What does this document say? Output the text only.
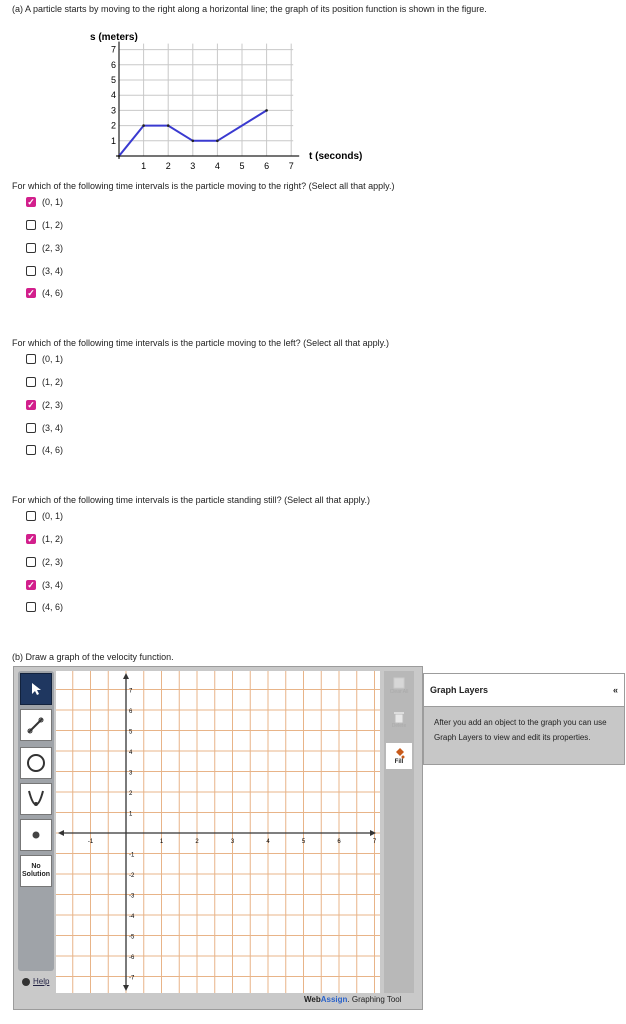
(a) A particle starts by moving to the right along a horizontal line; the graph of its position function is shown in the figure.
1
2
3
4
5
6
7
1 2 3 4 5 6 7
s (meters)
t (seconds)
For which of the following time intervals is the particle moving to the right? (Select all that apply.)
✓
(0, 1)
(1, 2)
(2, 3)
(3, 4)
✓
(4, 6)
For which of the following time intervals is the particle moving to the left? (Select all that apply.)
(0, 1)
(1, 2)
✓
(2, 3)
(3, 4)
(4, 6)
For which of the following time intervals is the particle standing still? (Select all that apply.)
(0, 1)
✓
(1, 2)
(2, 3)
✓
(3, 4)
(4, 6)
(b) Draw a graph of the velocity function.
No
Solution
-1	1	2	3	4	5	6	7
7
6
5
4
3
2
1
-1
-2
-3
-4
-5
-6
-7
Clear All
Delete
Fill
Help
WebAssign. Graphing Tool
Graph Layers	«
After you add an object to the graph you can use Graph Layers to view and edit its properties.
